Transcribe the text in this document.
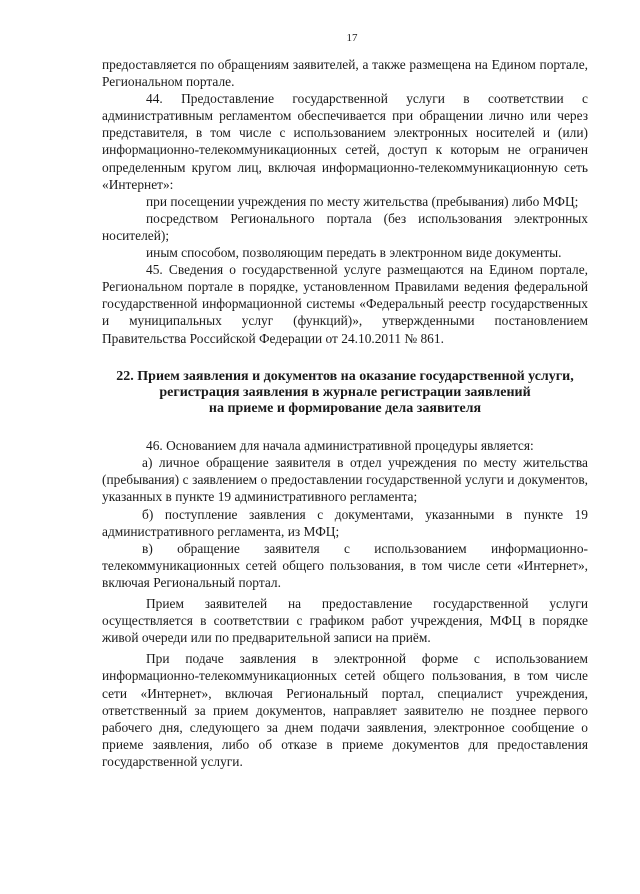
17

предоставляется по обращениям заявителей, а также размещена на Едином портале, Региональном портале.

44. Предоставление государственной услуги в соответствии с административным регламентом обеспечивается при обращении лично или через представителя, в том числе с использованием электронных носителей и (или) информационно-телекоммуникационных сетей, доступ к которым не ограничен определенным кругом лиц, включая информационно-телекоммуникационную сеть «Интернет»:

при посещении учреждения по месту жительства (пребывания) либо МФЦ;

посредством Регионального портала (без использования электронных носителей);

иным способом, позволяющим передать в электронном виде документы.

45. Сведения о государственной услуге размещаются на Едином портале, Региональном портале в порядке, установленном Правилами ведения федеральной государственной информационной системы «Федеральный реестр государственных и муниципальных услуг (функций)», утвержденными постановлением Правительства Российской Федерации от 24.10.2011 № 861.

22. Прием заявления и документов на оказание государственной услуги,
регистрация заявления в журнале регистрации заявлений
на приеме и формирование дела заявителя

46. Основанием для начала административной процедуры является:

а) личное обращение заявителя в отдел учреждения по месту жительства (пребывания) с заявлением о предоставлении государственной услуги и документов, указанных в пункте 19 административного регламента;

б) поступление заявления с документами, указанными в пункте 19 административного регламента, из МФЦ;

в) обращение заявителя с использованием информационно-телекоммуникационных сетей общего пользования, в том числе сети «Интернет», включая Региональный портал.

Прием заявителей на предоставление государственной услуги осуществляется в соответствии с графиком работ учреждения, МФЦ в порядке живой очереди или по предварительной записи на приём.

При подаче заявления в электронной форме с использованием информационно-телекоммуникационных сетей общего пользования, в том числе сети «Интернет», включая Региональный портал, специалист учреждения, ответственный за прием документов, направляет заявителю не позднее первого рабочего дня, следующего за днем подачи заявления, электронное сообщение о приеме заявления, либо об отказе в приеме документов для предоставления государственной услуги.
